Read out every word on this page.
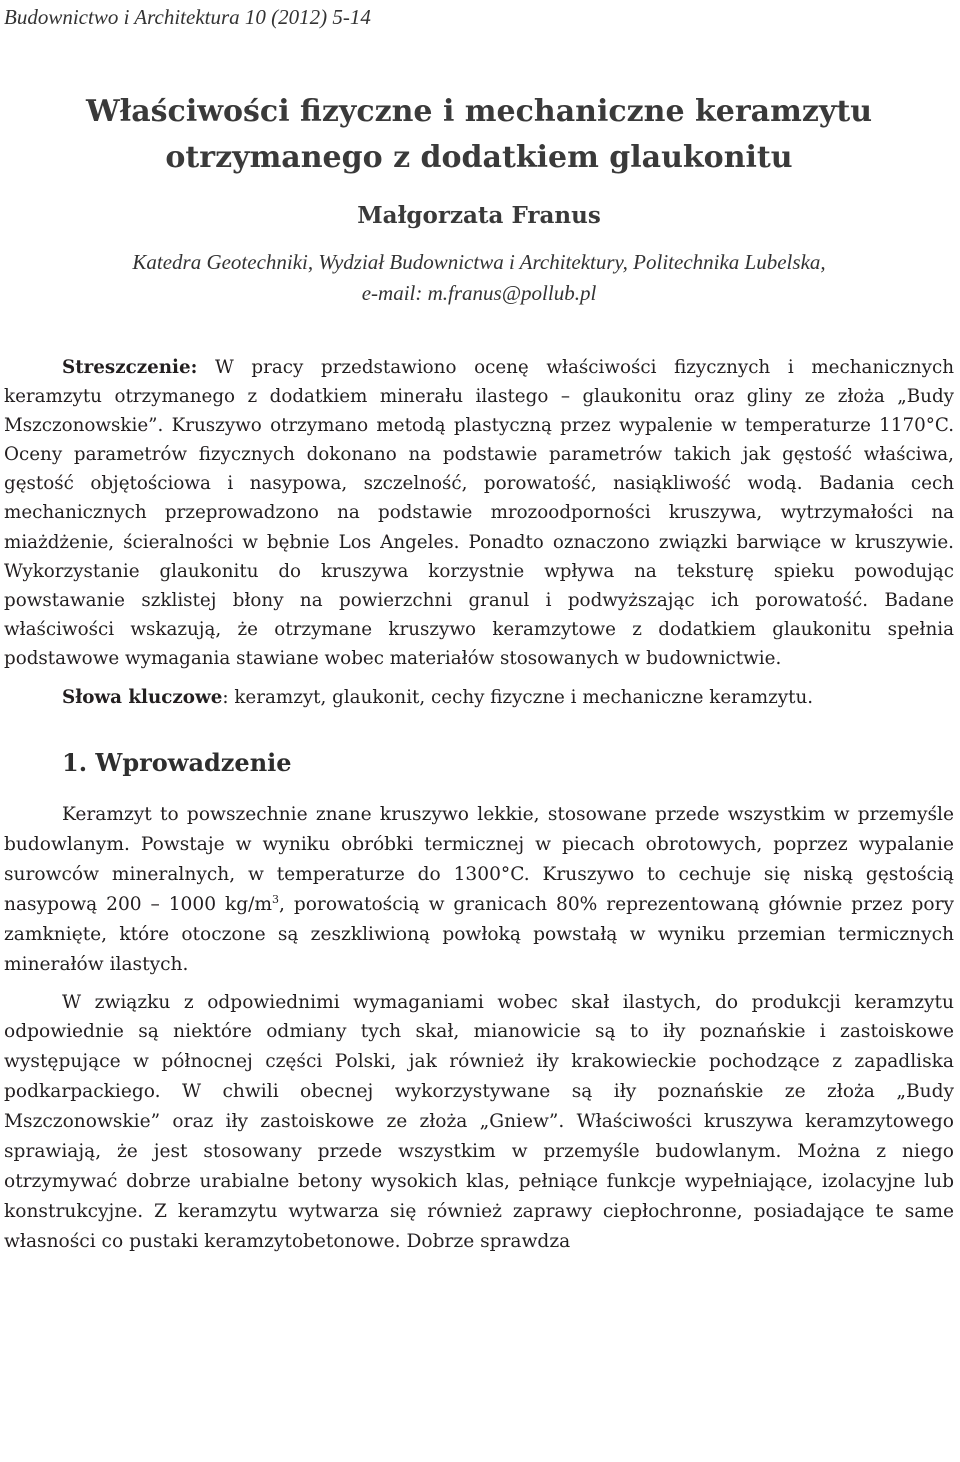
Budownictwo i Architektura 10 (2012) 5-14
Właściwości fizyczne i mechaniczne keramzytu otrzymanego z dodatkiem glaukonitu
Małgorzata Franus
Katedra Geotechniki, Wydział Budownictwa i Architektury, Politechnika Lubelska,
e-mail: m.franus@pollub.pl
Streszczenie: W pracy przedstawiono ocenę właściwości fizycznych i mechanicznych keramzytu otrzymanego z dodatkiem minerału ilastego – glaukonitu oraz gliny ze złoża „Budy Mszczonowskie”. Kruszywo otrzymano metodą plastyczną przez wypalenie w temperaturze 1170°C. Oceny parametrów fizycznych dokonano na podstawie parametrów takich jak gęstość właściwa, gęstość objętościowa i nasypowa, szczelność, porowatość, nasiąkliwość wodą. Badania cech mechanicznych przeprowadzono na podstawie mrozoodporności kruszywa, wytrzymałości na miażdżenie, ścieralności w bębnie Los Angeles. Ponadto oznaczono związki barwiące w kruszywie. Wykorzystanie glaukonitu do kruszywa korzystnie wpływa na teksturę spieku powodując powstawanie szklistej błony na powierzchni granul i podwyższając ich porowatość. Badane właściwości wskazują, że otrzymane kruszywo keramzytowe z dodatkiem glaukonitu spełnia podstawowe wymagania stawiane wobec materiałów stosowanych w budownictwie.
Słowa kluczowe: keramzyt, glaukonit, cechy fizyczne i mechaniczne keramzytu.
1. Wprowadzenie

Keramzyt to powszechnie znane kruszywo lekkie, stosowane przede wszystkim w przemyśle budowlanym. Powstaje w wyniku obróbki termicznej w piecach obrotowych, poprzez wypalanie surowców mineralnych, w temperaturze do 1300°C. Kruszywo to cechuje się niską gęstością nasypową 200 – 1000 $kg/m^3$, porowatością w granicach 80% reprezentowaną głównie przez pory zamknięte, które otoczone są zeszkliwioną powłoką powstałą w wyniku przemian termicznych minerałów ilastych.

W związku z odpowiednimi wymaganiami wobec skał ilastych, do produkcji keramzytu odpowiednie są niektóre odmiany tych skał, mianowicie są to iły poznańskie i zastoiskowe występujące w północnej części Polski, jak również iły krakowieckie pochodzące z zapadliska podkarpackiego. W chwili obecnej wykorzystywane są iły poznańskie ze złoża „Budy Mszczonowskie” oraz iły zastoiskowe ze złoża „Gniew”. Właściwości kruszywa keramzytowego sprawiają, że jest stosowany przede wszystkim w przemyśle budowlanym. Można z niego otrzymywać dobrze urabialne betony wysokich klas, pełniące funkcje wypełniające, izolacyjne lub konstrukcyjne. Z keramzytu wytwarza się również zaprawy ciepłochronne, posiadające te same własności co pustaki keramzytobetonowe. Dobrze sprawdza
